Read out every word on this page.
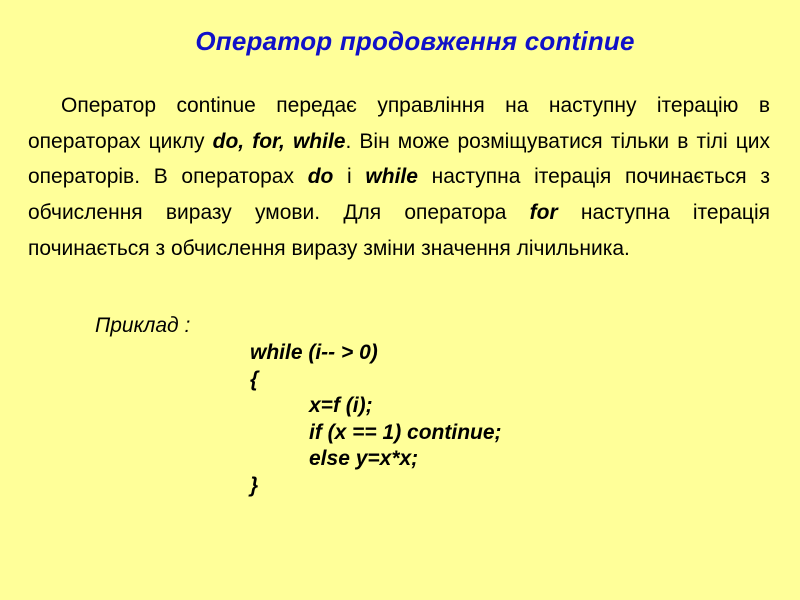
Оператор продовження continue
Оператор continue передає управління на наступну ітерацію в операторах циклу do, for, while. Він може розміщуватися тільки в тілі цих операторів. В операторах do і while наступна ітерація починається з обчислення виразу умови. Для оператора for наступна ітерація починається з обчислення виразу зміни значення лічильника.
Приклад :
while (i-- > 0)
{
x=f (i);
if (x == 1) continue;
else y=x*x;
}
